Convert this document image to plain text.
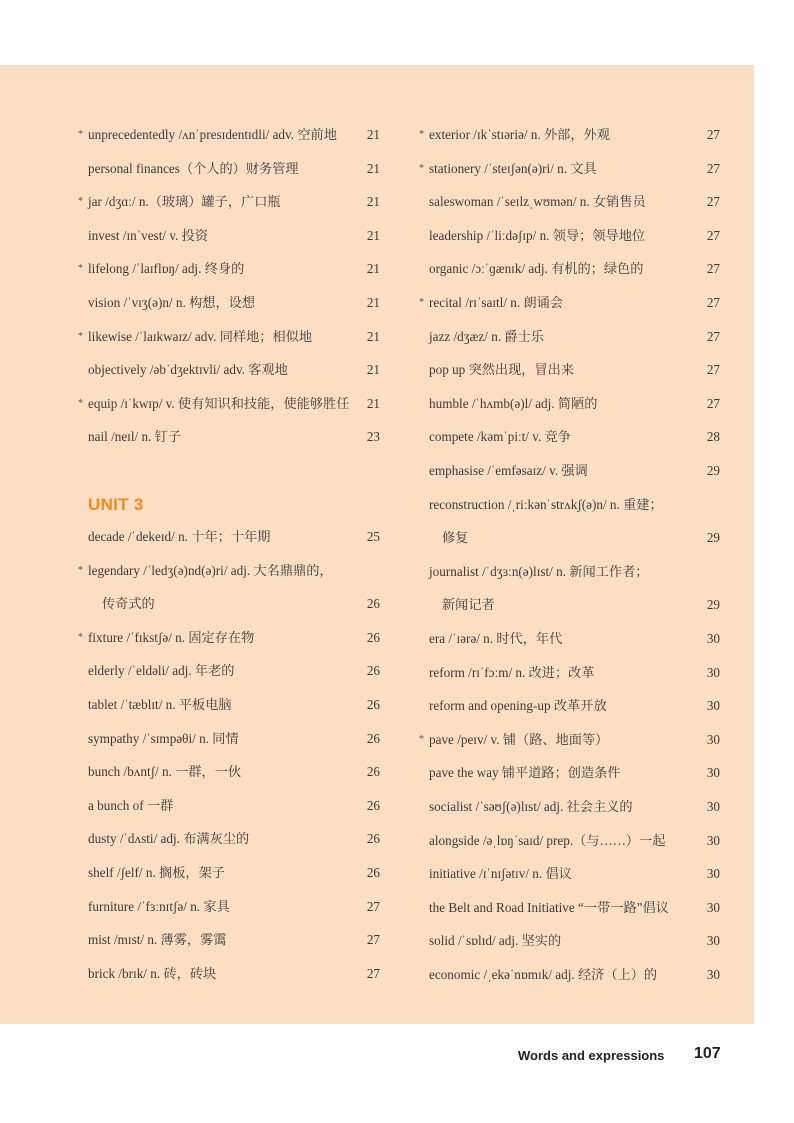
* unprecedentedly /ʌnˈpresɪdentɪdli/ adv. 空前地	21
personal finances（个人的）财务管理	21
* jar /dʒɑː/ n.（玻璃）罐子，广口瓶	21
invest /ɪnˈvest/ v. 投资	21
* lifelong /ˈlaɪflɒŋ/ adj. 终身的	21
vision /ˈvɪʒ(ə)n/ n. 构想，设想	21
* likewise /ˈlaɪkwaɪz/ adv. 同样地；相似地	21
objectively /əbˈdʒektɪvli/ adv. 客观地	21
* equip /ɪˈkwɪp/ v. 使有知识和技能，使能够胜任	21
nail /neɪl/ n. 钉子	23
UNIT 3
decade /ˈdekeɪd/ n. 十年；十年期	25
* legendary /ˈledʒ(ə)nd(ə)ri/ adj. 大名鼎鼎的，
传奇式的	26
* fixture /ˈfɪkstʃə/ n. 固定存在物	26
elderly /ˈeldəli/ adj. 年老的	26
tablet /ˈtæblɪt/ n. 平板电脑	26
sympathy /ˈsɪmpəθi/ n. 同情	26
bunch /bʌntʃ/ n. 一群，一伙	26
a bunch of 一群	26
dusty /ˈdʌsti/ adj. 布满灰尘的	26
shelf /ʃelf/ n. 搁板，架子	26
furniture /ˈfɜːnɪtʃə/ n. 家具	27
mist /mɪst/ n. 薄雾，雾霭	27
brick /brɪk/ n. 砖，砖块	27
* exterior /ɪkˈstɪəriə/ n. 外部，外观	27
* stationery /ˈsteɪʃən(ə)ri/ n. 文具	27
saleswoman /ˈseɪlzˌwʊmən/ n. 女销售员	27
leadership /ˈliːdəʃɪp/ n. 领导；领导地位	27
organic /ɔːˈɡænɪk/ adj. 有机的；绿色的	27
* recital /rɪˈsaɪtl/ n. 朗诵会	27
jazz /dʒæz/ n. 爵士乐	27
pop up 突然出现，冒出来	27
humble /ˈhʌmb(ə)l/ adj. 简陋的	27
compete /kəmˈpiːt/ v. 竞争	28
emphasise /ˈemfəsaɪz/ v. 强调	29
reconstruction /ˌriːkənˈstrʌkʃ(ə)n/ n. 重建；
修复	29
journalist /ˈdʒɜːn(ə)lɪst/ n. 新闻工作者；
新闻记者	29
era /ˈɪərə/ n. 时代，年代	30
reform /rɪˈfɔːm/ n. 改进；改革	30
reform and opening-up 改革开放	30
* pave /peɪv/ v. 铺（路、地面等）	30
pave the way 铺平道路；创造条件	30
socialist /ˈsəʊʃ(ə)lɪst/ adj. 社会主义的	30
alongside /əˌlɒŋˈsaɪd/ prep.（与……）一起	30
initiative /ɪˈnɪʃətɪv/ n. 倡议	30
the Belt and Road Initiative “一带一路”倡议	30
solid /ˈsɒlɪd/ adj. 坚实的	30
economic /ˌekəˈnɒmɪk/ adj. 经济（上）的	30
Words and expressions 107
